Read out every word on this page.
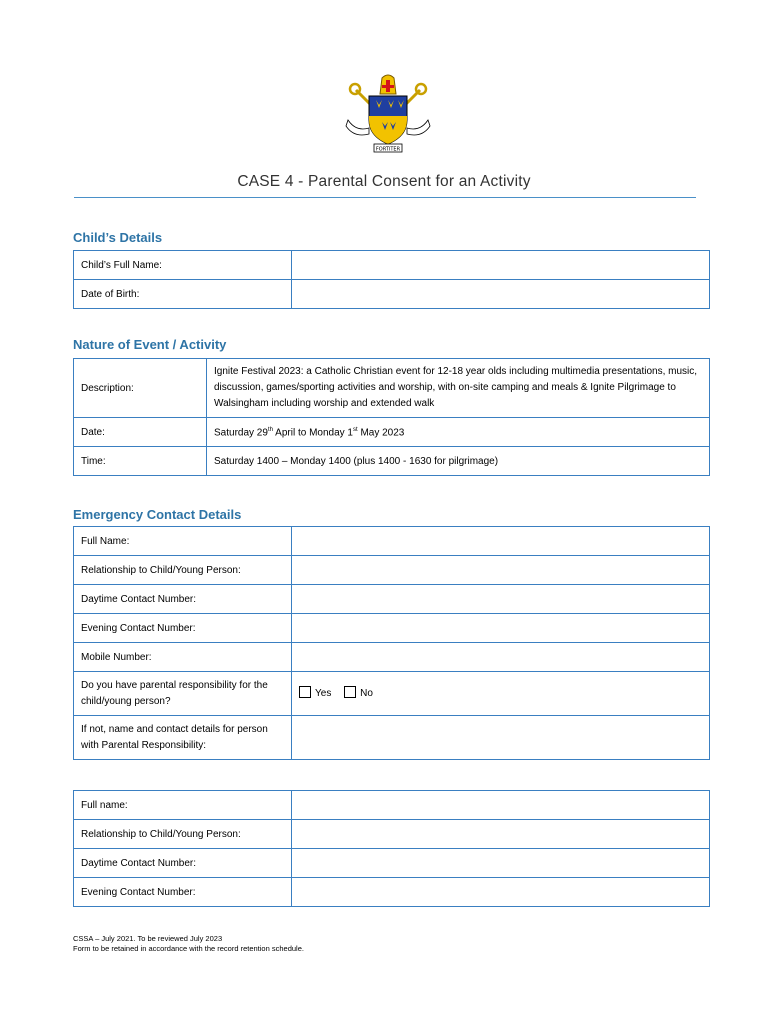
FORTITER
CASE 4 - Parental Consent for an Activity
Child’s Details
Child’s Full Name:	
Date of Birth:	
Nature of Event / Activity
Description:	Ignite Festival 2023: a Catholic Christian event for 12-18 year olds including multimedia presentations, music, discussion, games/sporting activities and worship, with on-site camping and meals & Ignite Pilgrimage to Walsingham including worship and extended walk
Date:	Saturday 29th April to Monday 1st May 2023
Time:	Saturday 1400 – Monday 1400 (plus 1400 - 1630 for pilgrimage)
Emergency Contact Details
Full Name:	
Relationship to Child/Young Person:	
Daytime Contact Number:	
Evening Contact Number:	
Mobile Number:	
Do you have parental responsibility for the child/young person?	Yes No
If not, name and contact details for person with Parental Responsibility:	
Full name:	
Relationship to Child/Young Person:	
Daytime Contact Number:	
Evening Contact Number:	
CSSA – July 2021. To be reviewed July 2023
Form to be retained in accordance with the record retention schedule.
